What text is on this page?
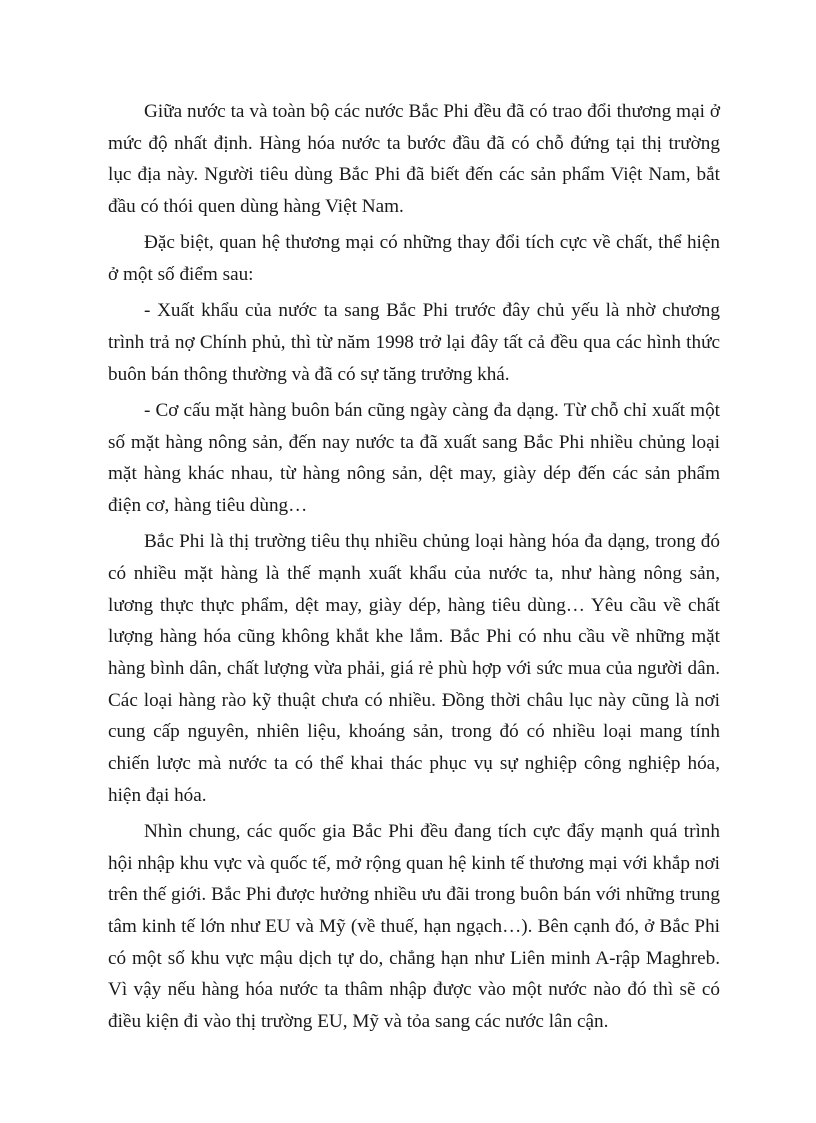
Giữa nước ta và toàn bộ các nước Bắc Phi đều đã có trao đổi thương mại ở mức độ nhất định. Hàng hóa nước ta bước đầu đã có chỗ đứng tại thị trường lục địa này. Người tiêu dùng Bắc Phi đã biết đến các sản phẩm Việt Nam, bắt đầu có thói quen dùng hàng Việt Nam.

Đặc biệt, quan hệ thương mại có những thay đổi tích cực về chất, thể hiện ở một số điểm sau:

- Xuất khẩu của nước ta sang Bắc Phi trước đây chủ yếu là nhờ chương trình trả nợ Chính phủ, thì từ năm 1998 trở lại đây tất cả đều qua các hình thức buôn bán thông thường và đã có sự tăng trưởng khá.

- Cơ cấu mặt hàng buôn bán cũng ngày càng đa dạng. Từ chỗ chỉ xuất một số mặt hàng nông sản, đến nay nước ta đã xuất sang Bắc Phi nhiều chủng loại mặt hàng khác nhau, từ hàng nông sản, dệt may, giày dép đến các sản phẩm điện cơ, hàng tiêu dùng…

Bắc Phi là thị trường tiêu thụ nhiều chủng loại hàng hóa đa dạng, trong đó có nhiều mặt hàng là thế mạnh xuất khẩu của nước ta, như hàng nông sản, lương thực thực phẩm, dệt may, giày dép, hàng tiêu dùng… Yêu cầu về chất lượng hàng hóa cũng không khắt khe lắm. Bắc Phi có nhu cầu về những mặt hàng bình dân, chất lượng vừa phải, giá rẻ phù hợp với sức mua của người dân. Các loại hàng rào kỹ thuật chưa có nhiều. Đồng thời châu lục này cũng là nơi cung cấp nguyên, nhiên liệu, khoáng sản, trong đó có nhiều loại mang tính chiến lược mà nước ta có thể khai thác phục vụ sự nghiệp công nghiệp hóa, hiện đại hóa.

Nhìn chung, các quốc gia Bắc Phi đều đang tích cực đẩy mạnh quá trình hội nhập khu vực và quốc tế, mở rộng quan hệ kinh tế thương mại với khắp nơi trên thế giới. Bắc Phi được hưởng nhiều ưu đãi trong buôn bán với những trung tâm kinh tế lớn như EU và Mỹ (về thuế, hạn ngạch…). Bên cạnh đó, ở Bắc Phi có một số khu vực mậu dịch tự do, chẳng hạn như Liên minh A-rập Maghreb. Vì vậy nếu hàng hóa nước ta thâm nhập được vào một nước nào đó thì sẽ có điều kiện đi vào thị trường EU, Mỹ và tỏa sang các nước lân cận.
